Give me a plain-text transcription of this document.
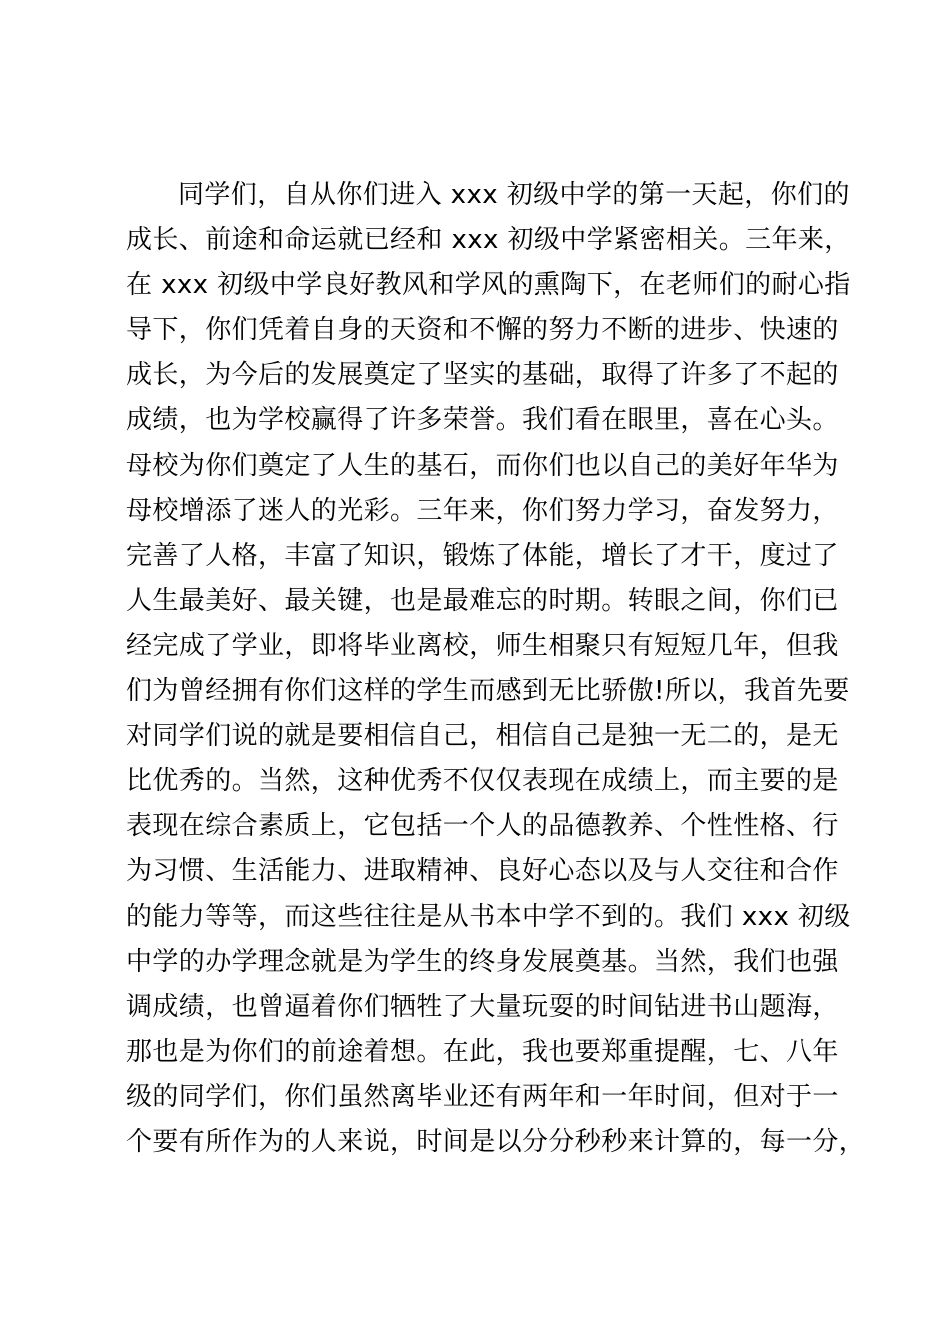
同学们，自从你们进入 xxx 初级中学的第一天起，你们的
成长、前途和命运就已经和 xxx 初级中学紧密相关。三年来，
在 xxx 初级中学良好教风和学风的熏陶下，在老师们的耐心指
导下，你们凭着自身的天资和不懈的努力不断的进步、快速的
成长，为今后的发展奠定了坚实的基础，取得了许多了不起的
成绩，也为学校赢得了许多荣誉。我们看在眼里，喜在心头。
母校为你们奠定了人生的基石，而你们也以自己的美好年华为
母校增添了迷人的光彩。三年来，你们努力学习，奋发努力，
完善了人格，丰富了知识，锻炼了体能，增长了才干，度过了
人生最美好、最关键，也是最难忘的时期。转眼之间，你们已
经完成了学业，即将毕业离校，师生相聚只有短短几年，但我
们为曾经拥有你们这样的学生而感到无比骄傲!所以，我首先要
对同学们说的就是要相信自己，相信自己是独一无二的，是无
比优秀的。当然，这种优秀不仅仅表现在成绩上，而主要的是
表现在综合素质上，它包括一个人的品德教养、个性性格、行
为习惯、生活能力、进取精神、良好心态以及与人交往和合作
的能力等等，而这些往往是从书本中学不到的。我们 xxx 初级
中学的办学理念就是为学生的终身发展奠基。当然，我们也强
调成绩，也曾逼着你们牺牲了大量玩耍的时间钻进书山题海，
那也是为你们的前途着想。在此，我也要郑重提醒，七、八年
级的同学们，你们虽然离毕业还有两年和一年时间，但对于一
个要有所作为的人来说，时间是以分分秒秒来计算的，每一分，
